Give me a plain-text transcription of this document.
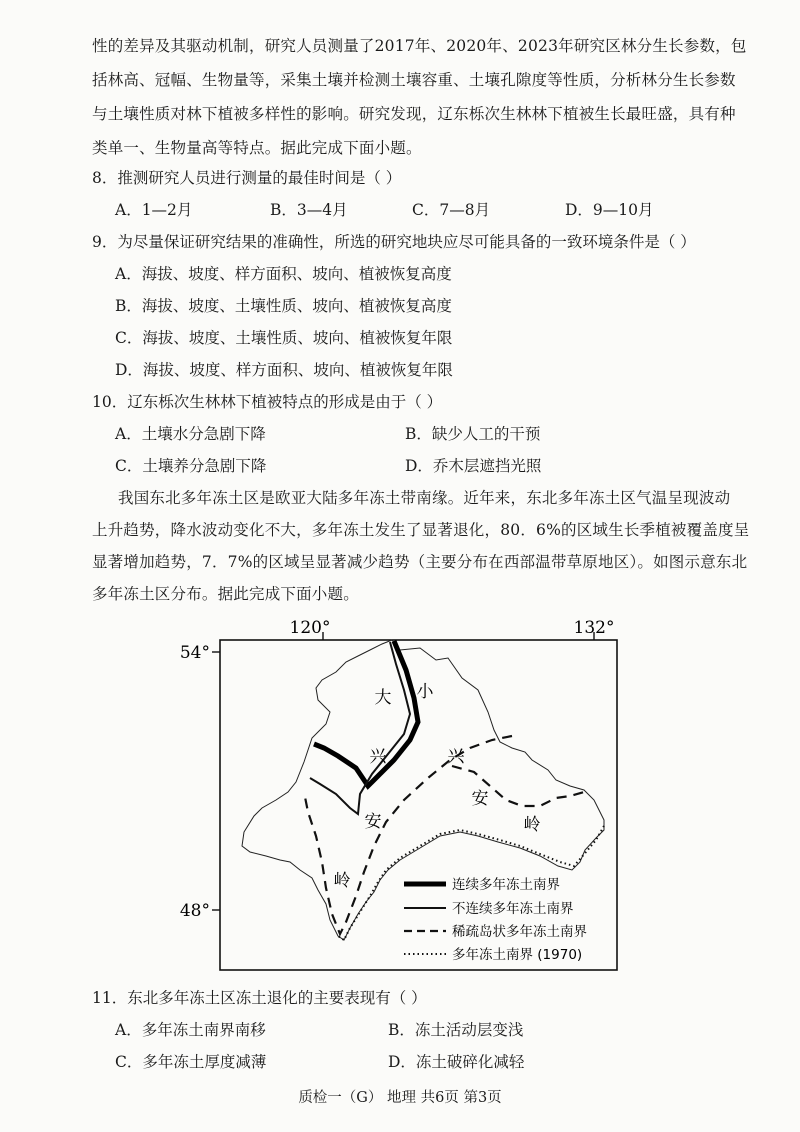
性的差异及其驱动机制，研究人员测量了2017年、2020年、2023年研究区林分生长参数，包
括林高、冠幅、生物量等，采集土壤并检测土壤容重、土壤孔隙度等性质，分析林分生长参数
与土壤性质对林下植被多样性的影响。研究发现，辽东栎次生林林下植被生长最旺盛，具有种
类单一、生物量高等特点。据此完成下面小题。
8．推测研究人员进行测量的最佳时间是（ ）
A．1—2月	B．3—4月	C．7—8月	D．9—10月
9．为尽量保证研究结果的准确性，所选的研究地块应尽可能具备的一致环境条件是（ ）
A．海拔、坡度、样方面积、坡向、植被恢复高度
B．海拔、坡度、土壤性质、坡向、植被恢复高度
C．海拔、坡度、土壤性质、坡向、植被恢复年限
D．海拔、坡度、样方面积、坡向、植被恢复年限
10．辽东栎次生林林下植被特点的形成是由于（ ）
A．土壤水分急剧下降	B．缺少人工的干预
C．土壤养分急剧下降	D．乔木层遮挡光照
我国东北多年冻土区是欧亚大陆多年冻土带南缘。近年来，东北多年冻土区气温呈现波动
上升趋势，降水波动变化不大，多年冻土发生了显著退化，80．6%的区域生长季植被覆盖度呈
显著增加趋势，7．7%的区域呈显著减少趋势（主要分布在西部温带草原地区）。如图示意东北
多年冻土区分布。据此完成下面小题。
120°	132°
54°
48°
大 小
兴	兴
安
安
岭
岭
连续多年冻土南界
不连续多年冻土南界
稀疏岛状多年冻土南界
多年冻土南界 (1970)
11．东北多年冻土区冻土退化的主要表现有（ ）
A．多年冻土南界南移	B．冻土活动层变浅
C．多年冻土厚度减薄	D．冻土破碎化减轻
质检一（G） 地理 共6页 第3页
